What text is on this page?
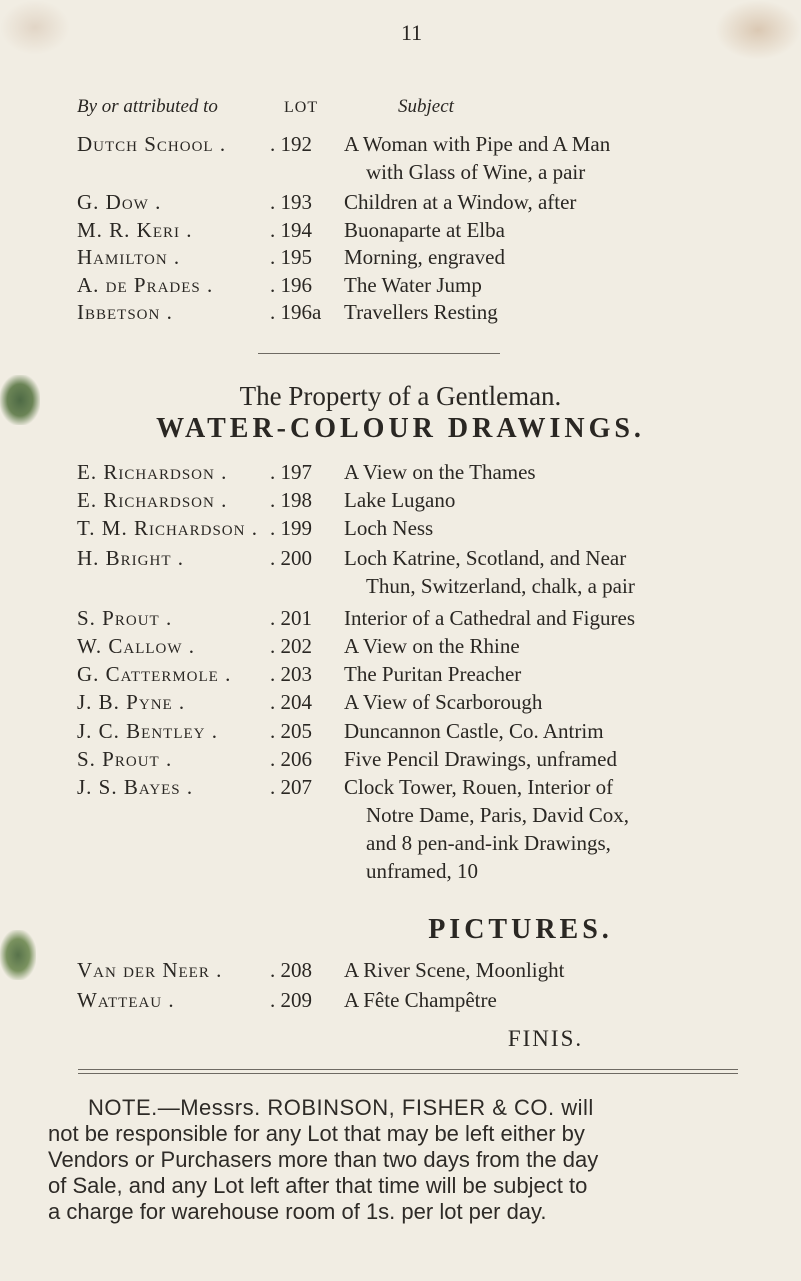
11
By or attributed to	LOT	Subject
Dutch School . . 192 A Woman with Pipe and A Man
with Glass of Wine, a pair
G. Dow .	. 193 Children at a Window, after
M. R. Keri .	. 194 Buonaparte at Elba
Hamilton .	. 195 Morning, engraved
A. de Prades .	. 196 The Water Jump
Ibbetson .	. 196a Travellers Resting
The Property of a Gentleman.
WATER-COLOUR DRAWINGS.
E. Richardson . . 197 A View on the Thames
E. Richardson . . 198 Lake Lugano
T. M. Richardson . . 199 Loch Ness
H. Bright .	. 200 Loch Katrine, Scotland, and Near
Thun, Switzerland, chalk, a pair
S. Prout .	. 201 Interior of a Cathedral and Figures
W. Callow .	. 202 A View on the Rhine
G. Cattermole . . 203 The Puritan Preacher
J. B. Pyne .	. 204 A View of Scarborough
J. C. Bentley . . 205 Duncannon Castle, Co. Antrim
S. Prout .	. 206 Five Pencil Drawings, unframed
J. S. Bayes .	. 207 Clock Tower, Rouen, Interior of
Notre Dame, Paris, David Cox,
and 8 pen-and-ink Drawings,
unframed, 10
PICTURES.
Van der Neer . . 208 A River Scene, Moonlight
Watteau .	. 209 A Fête Champêtre
FINIS.
NOTE.—Messrs. ROBINSON, FISHER & CO. will
not be responsible for any Lot that may be left either by
Vendors or Purchasers more than two days from the day
of Sale, and any Lot left after that time will be subject to
a charge for warehouse room of 1s. per lot per day.
